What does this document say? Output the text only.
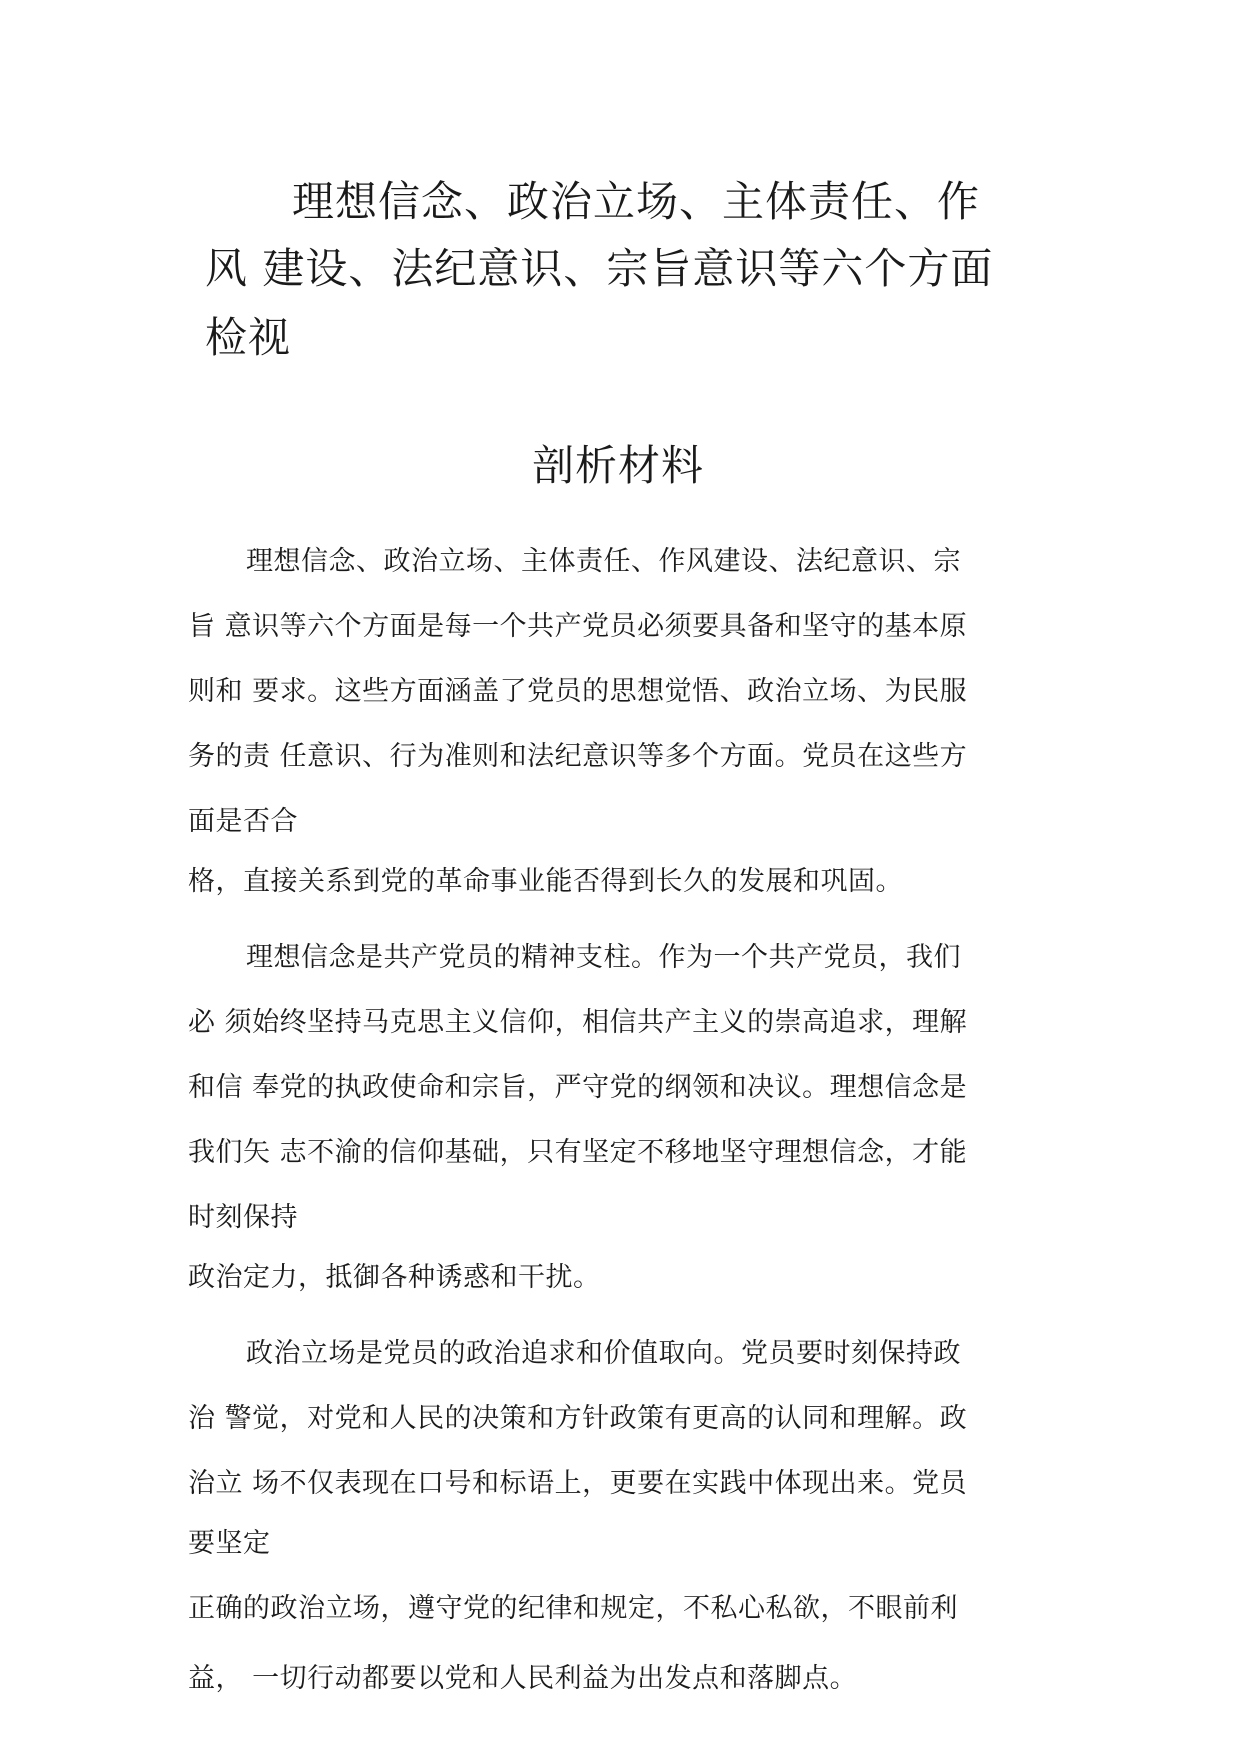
理想信念、政治立场、主体责任、作
风 建设、法纪意识、宗旨意识等六个方面
检视
剖析材料
理想信念、政治立场、主体责任、作风建设、法纪意识、宗
旨 意识等六个方面是每一个共产党员必须要具备和坚守的基本原
则和 要求。这些方面涵盖了党员的思想觉悟、政治立场、为民服
务的责 任意识、行为准则和法纪意识等多个方面。党员在这些方
面是否合
格，直接关系到党的革命事业能否得到长久的发展和巩固。
理想信念是共产党员的精神支柱。作为一个共产党员，我们
必 须始终坚持马克思主义信仰，相信共产主义的崇高追求，理解
和信 奉党的执政使命和宗旨，严守党的纲领和决议。理想信念是
我们矢 志不渝的信仰基础，只有坚定不移地坚守理想信念，才能
时刻保持
政治定力，抵御各种诱惑和干扰。
政治立场是党员的政治追求和价值取向。党员要时刻保持政
治 警觉，对党和人民的决策和方针政策有更高的认同和理解。政
治立 场不仅表现在口号和标语上，更要在实践中体现出来。党员
要坚定
正确的政治立场，遵守党的纪律和规定，不私心私欲，不眼前利
益， 一切行动都要以党和人民利益为出发点和落脚点。
